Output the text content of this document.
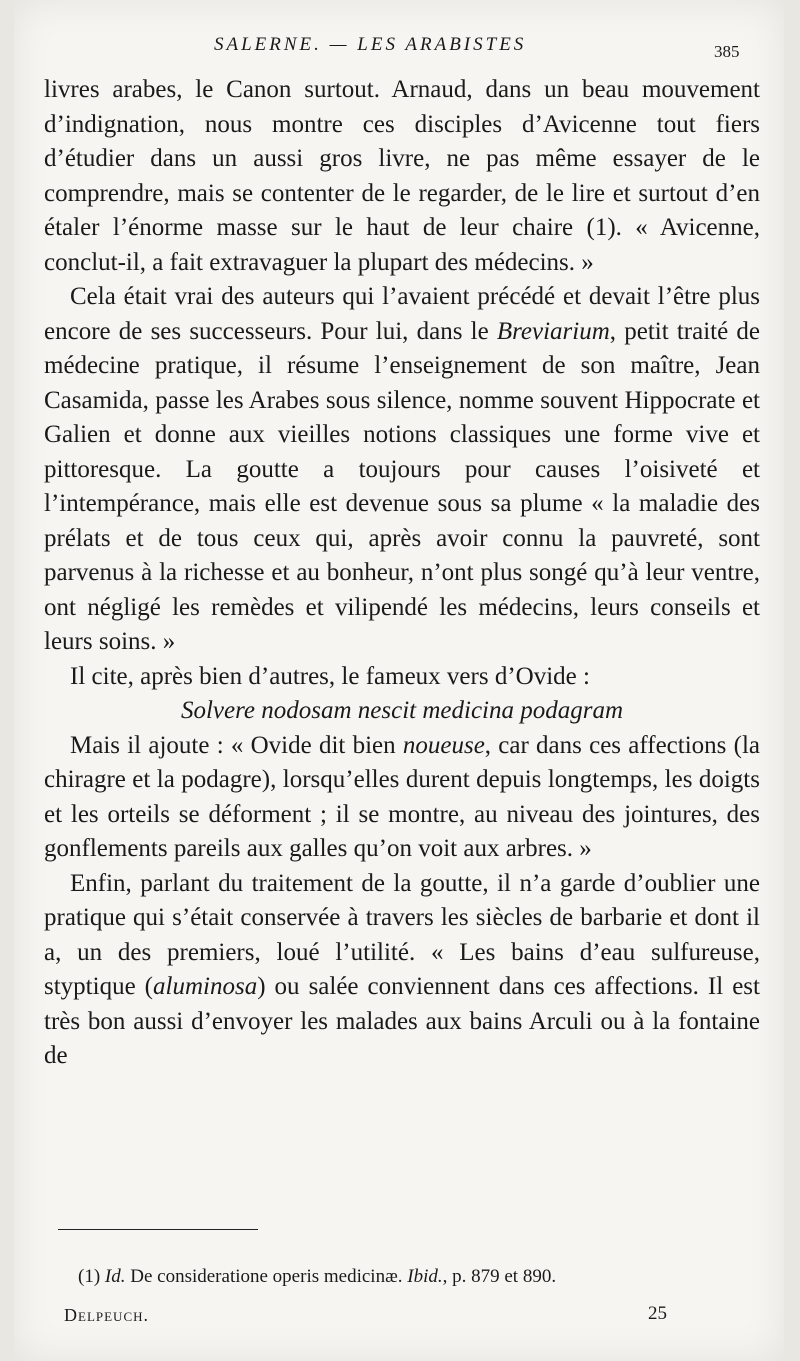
SALERNE. — LES ARABISTES	385

livres arabes, le Canon surtout. Arnaud, dans un beau mouvement d’indignation, nous montre ces disciples d’Avicenne tout fiers d’étudier dans un aussi gros livre, ne pas même essayer de le comprendre, mais se contenter de le regarder, de le lire et surtout d’en étaler l’énorme masse sur le haut de leur chaire (1). « Avicenne, conclut-il, a fait extravaguer la plupart des médecins. »

Cela était vrai des auteurs qui l’avaient précédé et devait l’être plus encore de ses successeurs. Pour lui, dans le Breviarium, petit traité de médecine pratique, il résume l’enseignement de son maître, Jean Casamida, passe les Arabes sous silence, nomme souvent Hippocrate et Galien et donne aux vieilles notions classiques une forme vive et pittoresque. La goutte a toujours pour causes l’oisiveté et l’intempérance, mais elle est devenue sous sa plume « la maladie des prélats et de tous ceux qui, après avoir connu la pauvreté, sont parvenus à la richesse et au bonheur, n’ont plus songé qu’à leur ventre, ont négligé les remèdes et vilipendé les médecins, leurs conseils et leurs soins. »

Il cite, après bien d’autres, le fameux vers d’Ovide :

Solvere nodosam nescit medicina podagram

Mais il ajoute : « Ovide dit bien noueuse, car dans ces affections (la chiragre et la podagre), lorsqu’elles durent depuis longtemps, les doigts et les orteils se déforment ; il se montre, au niveau des jointures, des gonflements pareils aux galles qu’on voit aux arbres. »

Enfin, parlant du traitement de la goutte, il n’a garde d’oublier une pratique qui s’était conservée à travers les siècles de barbarie et dont il a, un des premiers, loué l’utilité. « Les bains d’eau sulfureuse, styptique (aluminosa) ou salée conviennent dans ces affections. Il est très bon aussi d’envoyer les malades aux bains Arculi ou à la fontaine de

(1) Id. De consideratione operis medicinæ. Ibid., p. 879 et 890.
Delpeuch.	25
